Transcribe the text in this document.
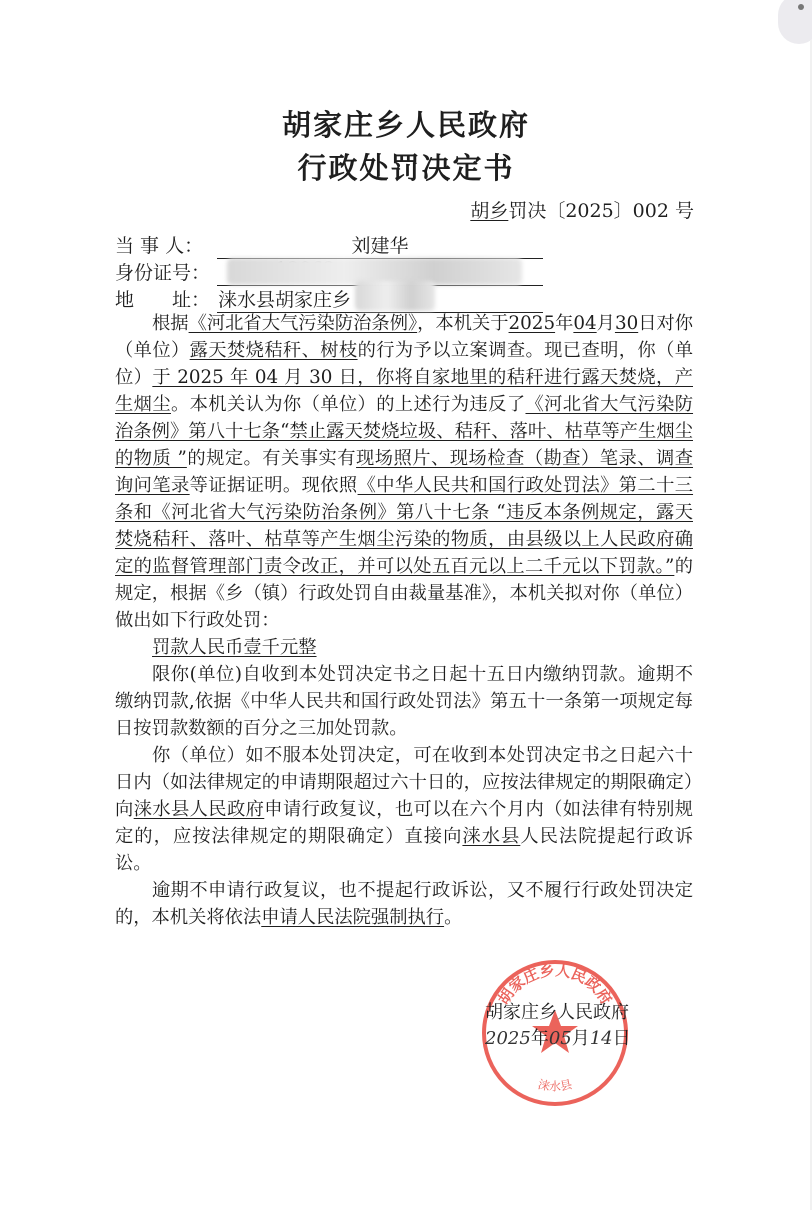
胡家庄乡人民政府
行政处罚决定书
胡乡罚决〔2025〕002 号
当 事 人：	刘建华
身份证号：
地　　址： 涞水县胡家庄乡

根据《河北省大气污染防治条例》，本机关于2025年04月30日对你（单位）露天焚烧秸秆、树枝的行为予以立案调查。现已查明，你（单位）于 2025 年 04 月 30 日，你将自家地里的秸秆进行露天焚烧，产生烟尘。本机关认为你（单位）的上述行为违反了《河北省大气污染防治条例》第八十七条“禁止露天焚烧垃圾、秸秆、落叶、枯草等产生烟尘的物质 ”的规定。有关事实有现场照片、现场检查（勘查）笔录、调查询问笔录等证据证明。现依照《中华人民共和国行政处罚法》第二十三条和《河北省大气污染防治条例》第八十七条 “违反本条例规定，露天焚烧秸秆、落叶、枯草等产生烟尘污染的物质，由县级以上人民政府确定的监督管理部门责令改正，并可以处五百元以上二千元以下罚款。”的规定，根据《乡（镇）行政处罚自由裁量基准》，本机关拟对你（单位）做出如下行政处罚：

罚款人民币壹千元整

限你(单位)自收到本处罚决定书之日起十五日内缴纳罚款。逾期不缴纳罚款,依据《中华人民共和国行政处罚法》第五十一条第一项规定每日按罚款数额的百分之三加处罚款。

你（单位）如不服本处罚决定，可在收到本处罚决定书之日起六十日内（如法律规定的申请期限超过六十日的，应按法律规定的期限确定）向涞水县人民政府申请行政复议，也可以在六个月内（如法律有特别规定的，应按法律规定的期限确定）直接向涞水县人民法院提起行政诉讼。

逾期不申请行政复议，也不提起行政诉讼，又不履行行政处罚决定的，本机关将依法申请人民法院强制执行。

胡家庄乡人民政府
涞水县
胡家庄乡人民政府
2025年05月14日
